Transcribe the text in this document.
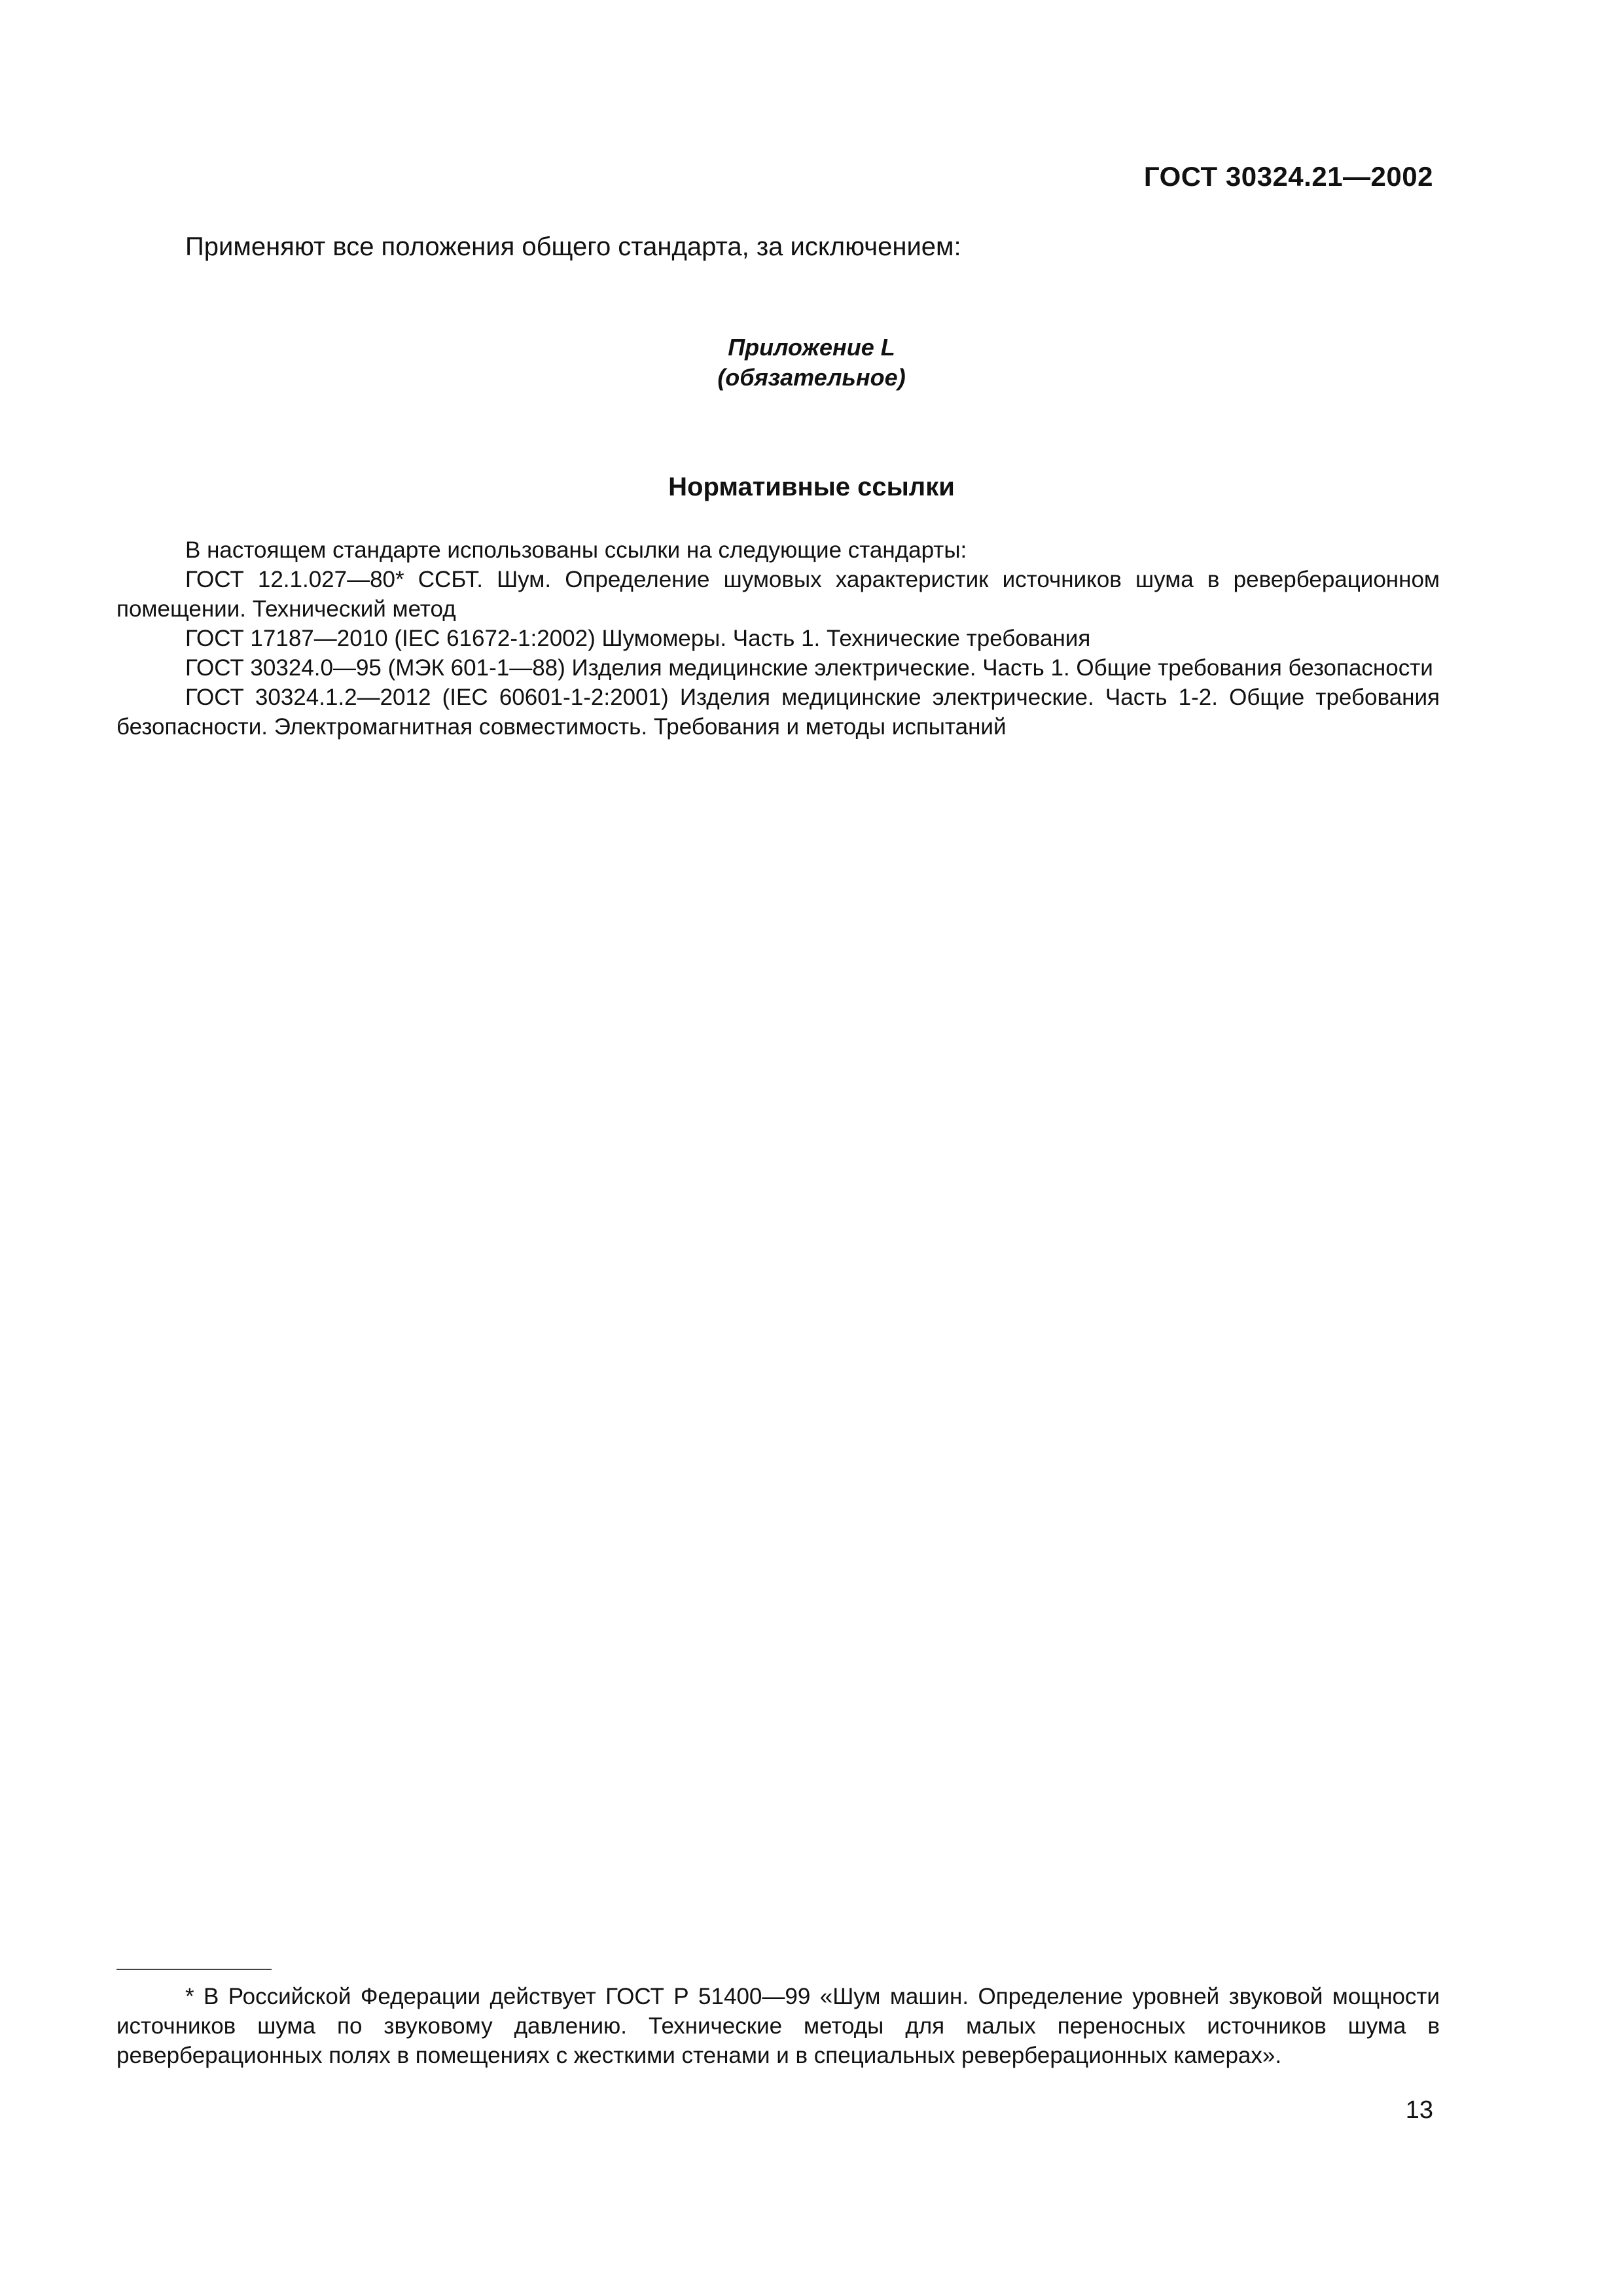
ГОСТ 30324.21—2002
Применяют все положения общего стандарта, за исключением:
Приложение L
(обязательное)
Нормативные ссылки

В настоящем стандарте использованы ссылки на следующие стандарты:

ГОСТ 12.1.027—80* ССБТ. Шум. Определение шумовых характеристик источников шума в реверберационном помещении. Технический метод

ГОСТ 17187—2010 (IEC 61672-1:2002) Шумомеры. Часть 1. Технические требования

ГОСТ 30324.0—95 (МЭК 601-1—88) Изделия медицинские электрические. Часть 1. Общие требования безопасности

ГОСТ 30324.1.2—2012 (IEC 60601-1-2:2001) Изделия медицинские электрические. Часть 1-2. Общие требования безопасности. Электромагнитная совместимость. Требования и методы испытаний

* В Российской Федерации действует ГОСТ Р 51400—99 «Шум машин. Определение уровней звуковой мощности источников шума по звуковому давлению. Технические методы для малых переносных источников шума в реверберационных полях в помещениях с жесткими стенами и в специальных реверберационных камерах».

13
